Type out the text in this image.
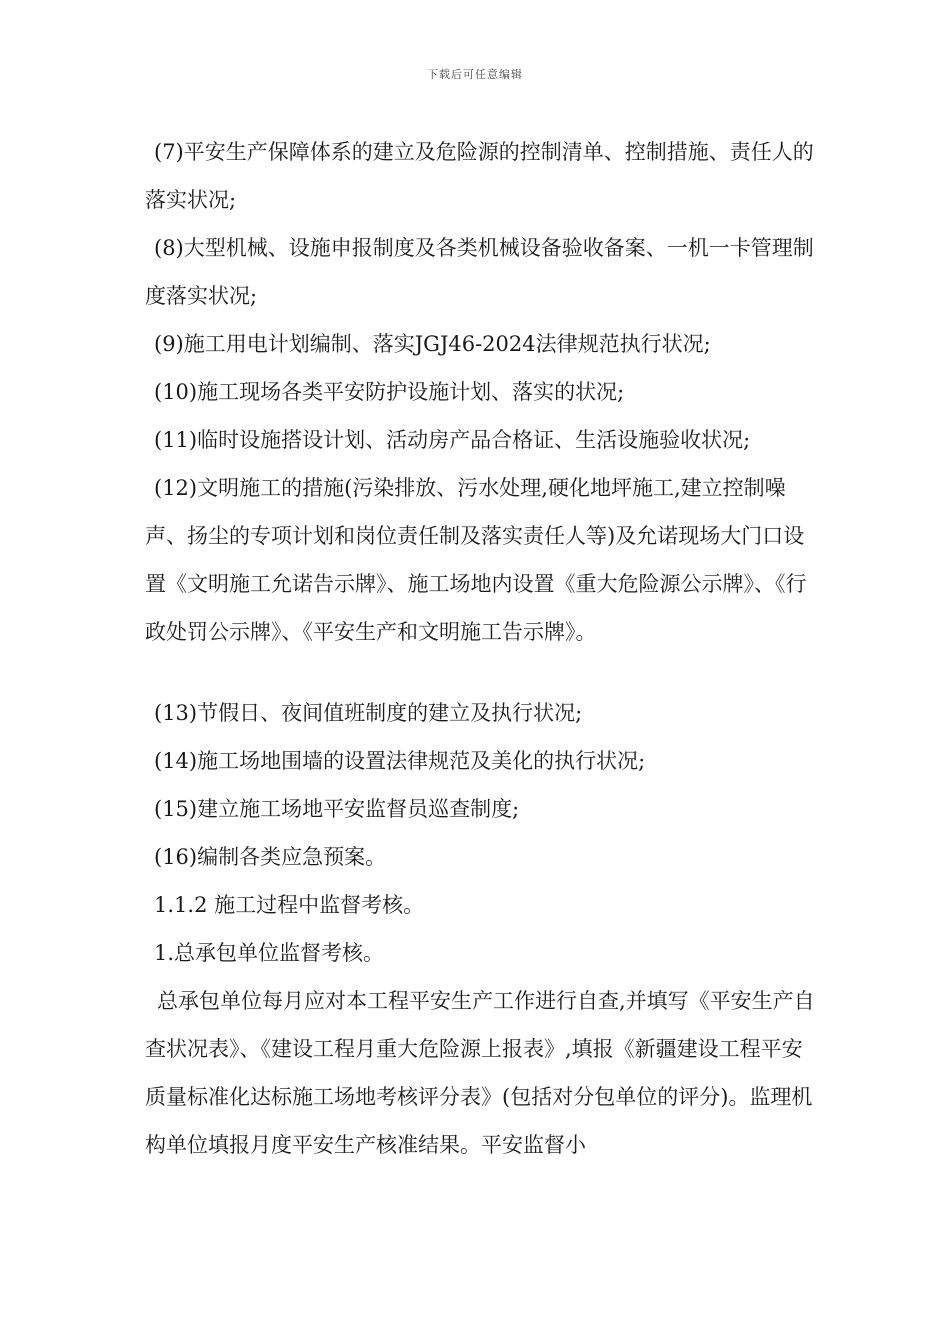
下载后可任意编辑

(7)平安生产保障体系的建立及危险源的控制清单、控制措施、责任人的落实状况;

(8)大型机械、设施申报制度及各类机械设备验收备案、一机一卡管理制度落实状况;

(9)施工用电计划编制、落实JGJ46-2024法律规范执行状况;

(10)施工现场各类平安防护设施计划、落实的状况;

(11)临时设施搭设计划、活动房产品合格证、生活设施验收状况;

(12)文明施工的措施(污染排放、污水处理,硬化地坪施工,建立控制噪声、扬尘的专项计划和岗位责任制及落实责任人等)及允诺现场大门口设置《文明施工允诺告示牌》、施工场地内设置《重大危险源公示牌》、《行政处罚公示牌》、《平安生产和文明施工告示牌》。

(13)节假日、夜间值班制度的建立及执行状况;

(14)施工场地围墙的设置法律规范及美化的执行状况;

(15)建立施工场地平安监督员巡查制度;

(16)编制各类应急预案。

1.1.2 施工过程中监督考核。

1.总承包单位监督考核。

总承包单位每月应对本工程平安生产工作进行自查,并填写《平安生产自查状况表》、《建设工程月重大危险源上报表》,填报《新疆建设工程平安质量标准化达标施工场地考核评分表》(包括对分包单位的评分)。监理机构单位填报月度平安生产核准结果。平安监督小
